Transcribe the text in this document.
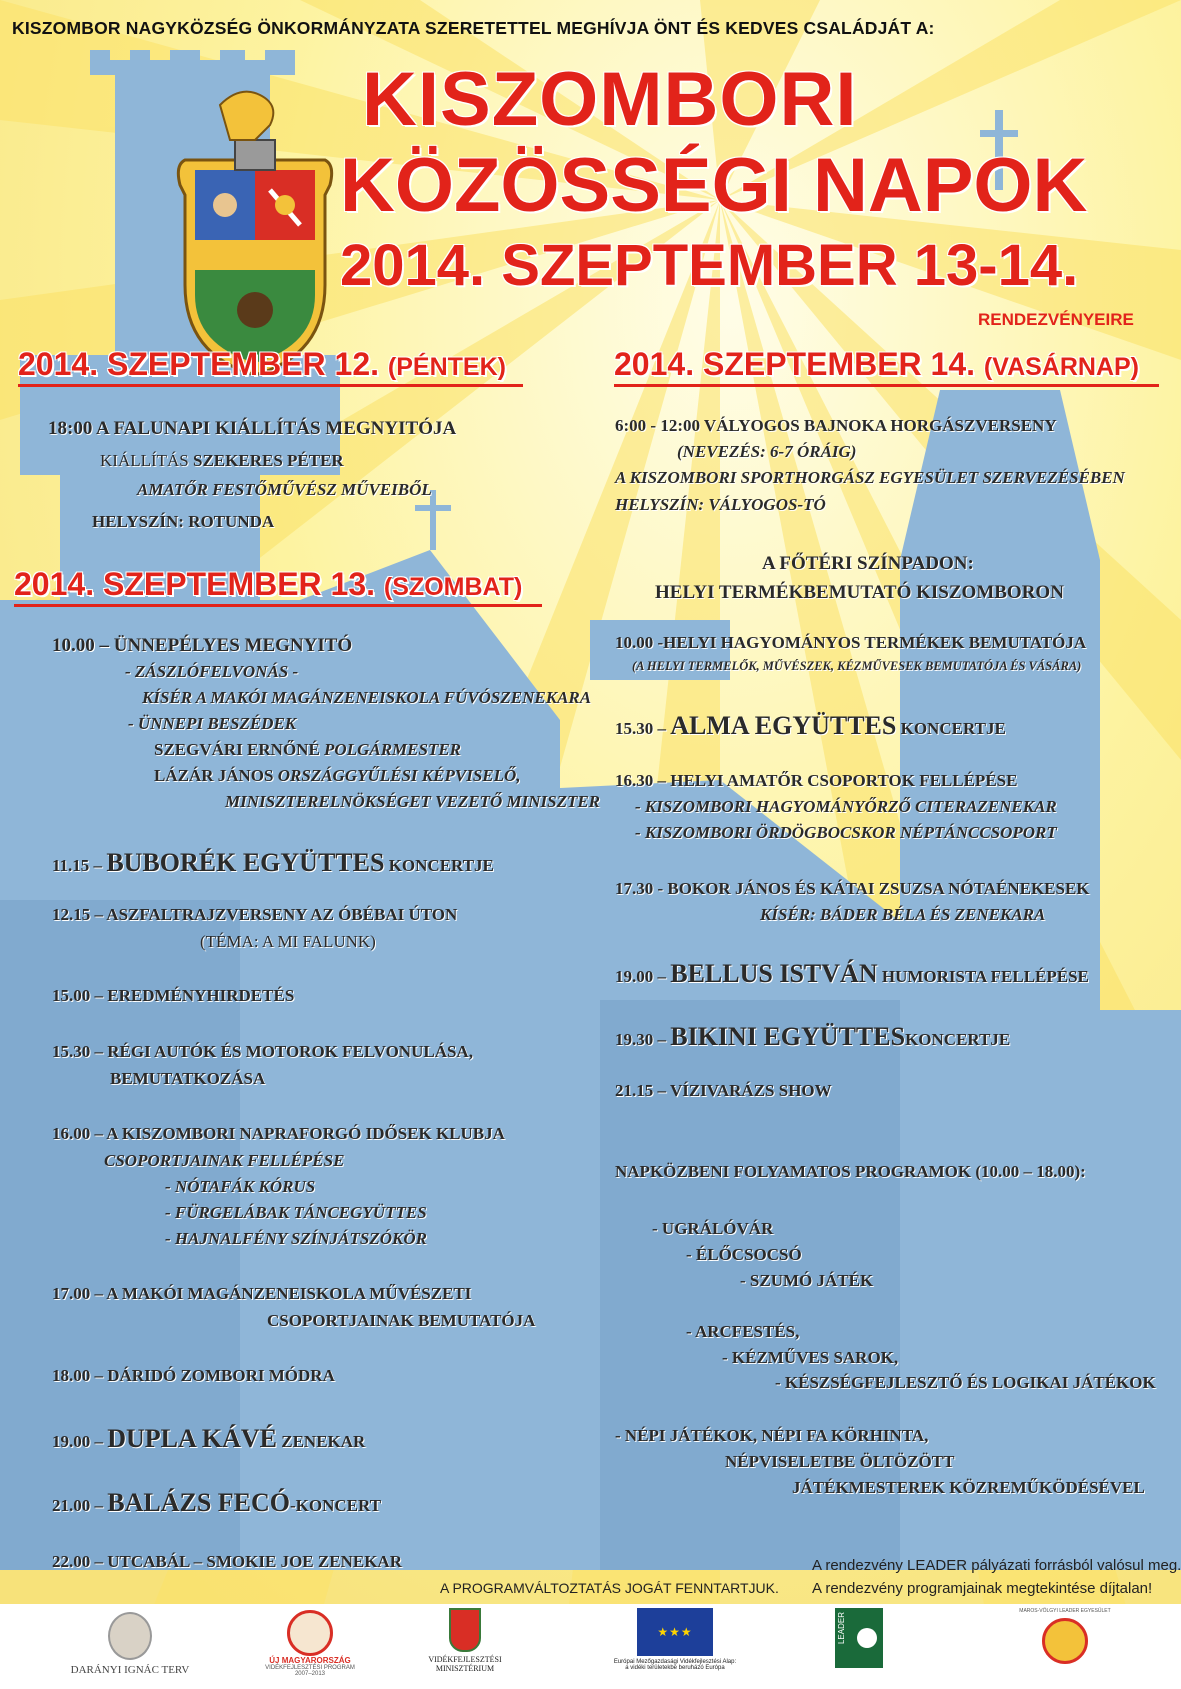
KISZOMBOR NAGYKÖZSÉG ÖNKORMÁNYZATA SZERETETTEL MEGHÍVJA ÖNT ÉS KEDVES CSALÁDJÁT A:
KISZOMBORI
KÖZÖSSÉGI NAPOK
2014. SZEPTEMBER 13-14.
RENDEZVÉNYEIRE
2014. SZEPTEMBER 12. (PÉNTEK)
18:00 A FALUNAPI KIÁLLÍTÁS MEGNYITÓJA
KIÁLLÍTÁS SZEKERES PÉTER
AMATŐR FESTŐMŰVÉSZ MŰVEIBŐL
HELYSZÍN: ROTUNDA
2014. SZEPTEMBER 13. (SZOMBAT)
10.00 – ÜNNEPÉLYES MEGNYITÓ
- ZÁSZLÓFELVONÁS -
KÍSÉR A MAKÓI MAGÁNZENEISKOLA FÚVÓSZENEKARA
- ÜNNEPI BESZÉDEK
SZEGVÁRI ERNŐNÉ POLGÁRMESTER
LÁZÁR JÁNOS ORSZÁGGYŰLÉSI KÉPVISELŐ,
MINISZTERELNÖKSÉGET VEZETŐ MINISZTER
11.15 – BUBORÉK EGYÜTTES KONCERTJE
12.15 – ASZFALTRAJZVERSENY AZ ÓBÉBAI ÚTON
(TÉMA: A MI FALUNK)
15.00 – EREDMÉNYHIRDETÉS
15.30 – RÉGI AUTÓK ÉS MOTOROK FELVONULÁSA,
BEMUTATKOZÁSA
16.00 – A KISZOMBORI NAPRAFORGÓ IDŐSEK KLUBJA
CSOPORTJAINAK FELLÉPÉSE
- NÓTAFÁK KÓRUS
- FÜRGELÁBAK TÁNCEGYÜTTES
- HAJNALFÉNY SZÍNJÁTSZÓKÖR
17.00 – A MAKÓI MAGÁNZENEISKOLA MŰVÉSZETI
CSOPORTJAINAK BEMUTATÓJA
18.00 – DÁRIDÓ ZOMBORI MÓDRA
19.00 – DUPLA KÁVÉ ZENEKAR
21.00 – BALÁZS FECÓ-KONCERT
22.00 – UTCABÁL – SMOKIE JOE ZENEKAR
2014. SZEPTEMBER 14. (VASÁRNAP)
6:00 - 12:00 VÁLYOGOS BAJNOKA HORGÁSZVERSENY
(NEVEZÉS: 6-7 ÓRÁIG)
A KISZOMBORI SPORTHORGÁSZ EGYESÜLET SZERVEZÉSÉBEN
HELYSZÍN: VÁLYOGOS-TÓ
A FŐTÉRI SZÍNPADON:
HELYI TERMÉKBEMUTATÓ KISZOMBORON
10.00 -HELYI HAGYOMÁNYOS TERMÉKEK BEMUTATÓJA
(A HELYI TERMELŐK, MŰVÉSZEK, KÉZMŰVESEK BEMUTATÓJA ÉS VÁSÁRA)
15.30 – ALMA EGYÜTTES KONCERTJE
16.30 – HELYI AMATŐR CSOPORTOK FELLÉPÉSE
- KISZOMBORI HAGYOMÁNYŐRZŐ CITERAZENEKAR
- KISZOMBORI ÖRDÖGBOCSKOR NÉPTÁNCCSOPORT
17.30 - BOKOR JÁNOS ÉS KÁTAI ZSUZSA NÓTAÉNEKESEK
KÍSÉR: BÁDER BÉLA ÉS ZENEKARA
19.00 – BELLUS ISTVÁN HUMORISTA FELLÉPÉSE
19.30 – BIKINI EGYÜTTESKONCERTJE
21.15 – VÍZIVARÁZS SHOW
NAPKÖZBENI FOLYAMATOS PROGRAMOK (10.00 – 18.00):
- UGRÁLÓVÁR
- ÉLŐCSOCSÓ
- SZUMÓ JÁTÉK
- ARCFESTÉS,
- KÉZMŰVES SAROK,
- KÉSZSÉGFEJLESZTŐ ÉS LOGIKAI JÁTÉKOK
- NÉPI JÁTÉKOK, NÉPI FA KÖRHINTA,
NÉPVISELETBE ÖLTÖZÖTT
JÁTÉKMESTEREK KÖZREMŰKÖDÉSÉVEL
A rendezvény LEADER pályázati forrásból valósul meg.
A rendezvény programjainak megtekintése díjtalan!
A PROGRAMVÁLTOZTATÁS JOGÁT FENNTARTJUK.
DARÁNYI IGNÁC TERV
ÚJ MAGYARORSZÁG
VIDÉKFEJLESZTÉSI PROGRAM
2007–2013
VIDÉKFEJLESZTÉSI
MINISZTÉRIUM
★★★
Európai Mezőgazdasági Vidékfejlesztési Alap:
a vidéki területekbe beruházó Európa
LEADER
MAROS-VÖLGYI LEADER EGYESÜLET
